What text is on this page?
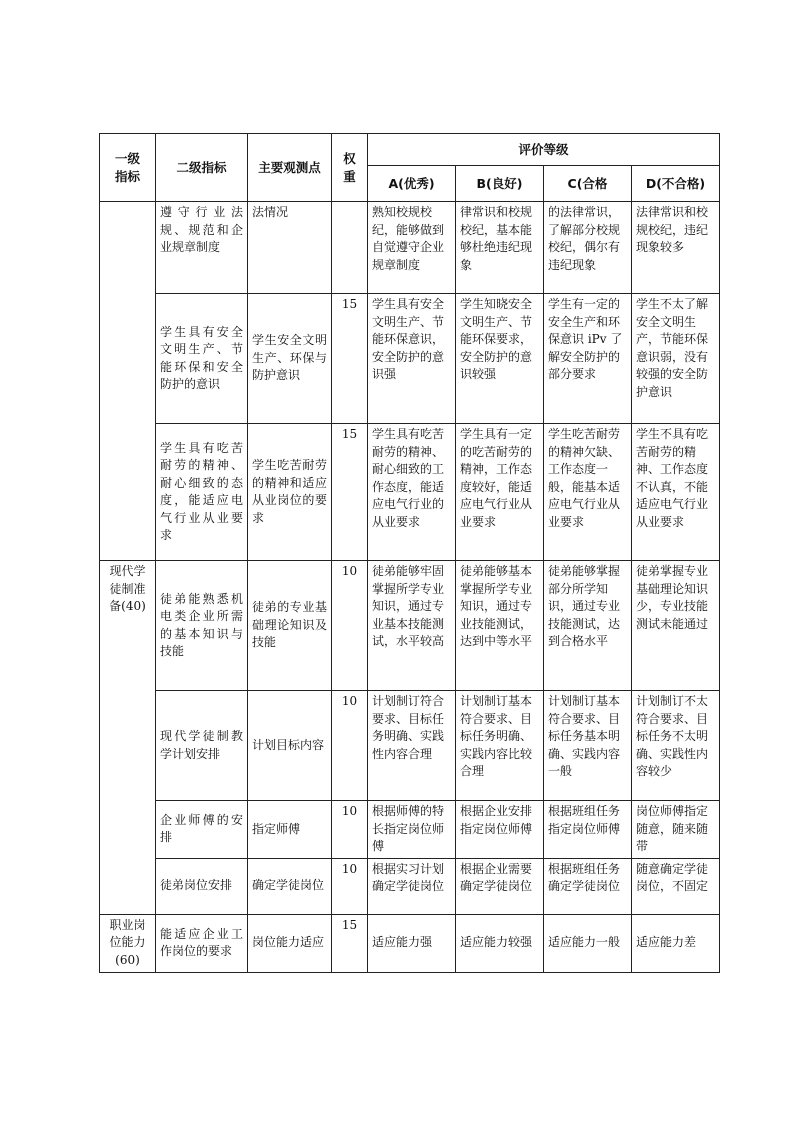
一级
指标	二级指标	主要观测点	权
重	评价等级			
				A(优秀)	B(良好)	C(合格	D(不合格)
	遵守行业法规、规范和企业规章制度	法情况		熟知校规校纪，能够做到自觉遵守企业规章制度	律常识和校规校纪，基本能够杜绝违纪现象	的法律常识，了解部分校规校纪，偶尔有违纪现象	法律常识和校规校纪，违纪现象较多
	学生具有安全文明生产、节能环保和安全防护的意识	学生安全文明生产、环保与防护意识	15	学生具有安全文明生产、节能环保意识，安全防护的意识强	学生知晓安全文明生产、节能环保要求，安全防护的意识较强	学生有一定的安全生产和环保意识 iPv 了解安全防护的部分要求	学生不太了解安全文明生产，节能环保意识弱，没有较强的安全防护意识
	学生具有吃苦耐劳的精神、耐心细致的态度，能适应电气行业从业要求	学生吃苦耐劳的精神和适应从业岗位的要求	15	学生具有吃苦耐劳的精神、耐心细致的工作态度，能适应电气行业的从业要求	学生具有一定的吃苦耐劳的精神，工作态度较好，能适应电气行业从业要求	学生吃苦耐劳的精神欠缺、工作态度一般，能基本适应电气行业从业要求	学生不具有吃苦耐劳的精神、工作态度不认真，不能适应电气行业从业要求
现代学
徒制准
备(40)	徒弟能熟悉机电类企业所需的基本知识与技能	徒弟的专业基础理论知识及技能	10	徒弟能够牢固掌握所学专业知识，通过专业基本技能测试，水平较高	徒弟能够基本掌握所学专业知识，通过专业技能测试，达到中等水平	徒弟能够掌握部分所学知识，通过专业技能测试，达到合格水平	徒弟掌握专业基础理论知识少，专业技能测试未能通过
	现代学徒制教学计划安排	计划目标内容	10	计划制订符合要求、目标任务明确、实践性内容合理	计划制订基本符合要求、目标任务明确、实践内容比较合理	计划制订基本符合要求、目标任务基本明确、实践内容一般	计划制订不太符合要求、目标任务不太明确、实践性内容较少
	企业师傅的安排	指定师傅	10	根据师傅的特长指定岗位师傅	根据企业安排指定岗位师傅	根据班组任务指定岗位师傅	岗位师傅指定随意，随来随带
	徒弟岗位安排	确定学徒岗位	10	根据实习计划确定学徒岗位	根据企业需要确定学徒岗位	根据班组任务确定学徒岗位	随意确定学徒岗位，不固定
职业岗
位能力
(60)	能适应企业工作岗位的要求	岗位能力适应	15	适应能力强	适应能力较强	适应能力一般	适应能力差
